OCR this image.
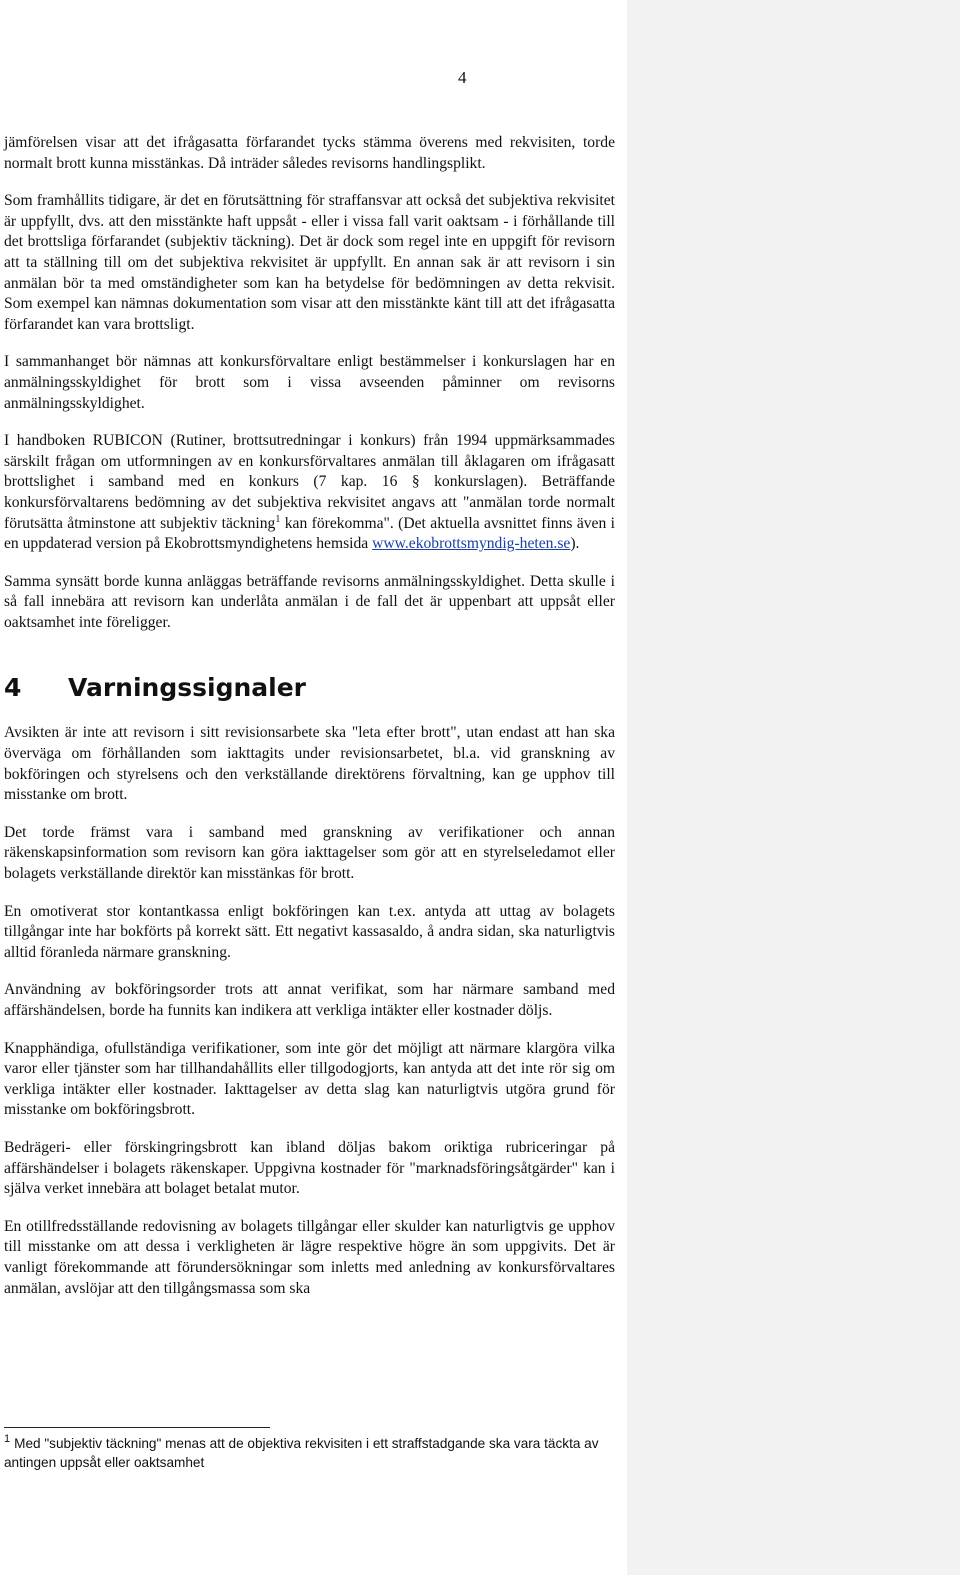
4

jämförelsen visar att det ifrågasatta förfarandet tycks stämma överens med rekvisiten, torde normalt brott kunna misstänkas. Då inträder således revisorns handlingsplikt.

Som framhållits tidigare, är det en förutsättning för straffansvar att också det subjektiva rekvisitet är uppfyllt, dvs. att den misstänkte haft uppsåt - eller i vissa fall varit oaktsam - i förhållande till det brottsliga förfarandet (subjektiv täckning). Det är dock som regel inte en uppgift för revisorn att ta ställning till om det subjektiva rekvisitet är uppfyllt. En annan sak är att revisorn i sin anmälan bör ta med omständigheter som kan ha betydelse för bedömningen av detta rekvisit. Som exempel kan nämnas dokumentation som visar att den misstänkte känt till att det ifrågasatta förfarandet kan vara brottsligt.

I sammanhanget bör nämnas att konkursförvaltare enligt bestämmelser i konkurslagen har en anmälningsskyldighet för brott som i vissa avseenden påminner om revisorns anmälningsskyldighet.

I handboken RUBICON (Rutiner, brottsutredningar i konkurs) från 1994 uppmärksammades särskilt frågan om utformningen av en konkursförvaltares anmälan till åklagaren om ifrågasatt brottslighet i samband med en konkurs (7 kap. 16 § konkurslagen). Beträffande konkursförvaltarens bedömning av det subjektiva rekvisitet angavs att "anmälan torde normalt förutsätta åtminstone att subjektiv täckning$^1$ kan förekomma". (Det aktuella avsnittet finns även i en uppdaterad version på Ekobrottsmyndighetens hemsida www.ekobrottsmyndig-heten.se).

Samma synsätt borde kunna anläggas beträffande revisorns anmälningsskyldighet. Detta skulle i så fall innebära att revisorn kan underlåta anmälan i de fall det är uppenbart att uppsåt eller oaktsamhet inte föreligger.

4 Varningssignaler

Avsikten är inte att revisorn i sitt revisionsarbete ska "leta efter brott", utan endast att han ska överväga om förhållanden som iakttagits under revisionsarbetet, bl.a. vid granskning av bokföringen och styrelsens och den verkställande direktörens förvaltning, kan ge upphov till misstanke om brott.

Det torde främst vara i samband med granskning av verifikationer och annan räkenskapsinformation som revisorn kan göra iakttagelser som gör att en styrelseledamot eller bolagets verkställande direktör kan misstänkas för brott.

En omotiverat stor kontantkassa enligt bokföringen kan t.ex. antyda att uttag av bolagets tillgångar inte har bokförts på korrekt sätt. Ett negativt kassasaldo, å andra sidan, ska naturligtvis alltid föranleda närmare granskning.

Användning av bokföringsorder trots att annat verifikat, som har närmare samband med affärshändelsen, borde ha funnits kan indikera att verkliga intäkter eller kostnader döljs.

Knapphändiga, ofullständiga verifikationer, som inte gör det möjligt att närmare klargöra vilka varor eller tjänster som har tillhandahållits eller tillgodogjorts, kan antyda att det inte rör sig om verkliga intäkter eller kostnader. Iakttagelser av detta slag kan naturligtvis utgöra grund för misstanke om bokföringsbrott.

Bedrägeri- eller förskingringsbrott kan ibland döljas bakom oriktiga rubriceringar på affärshändelser i bolagets räkenskaper. Uppgivna kostnader för "marknadsföringsåtgärder" kan i själva verket innebära att bolaget betalat mutor.

En otillfredsställande redovisning av bolagets tillgångar eller skulder kan naturligtvis ge upphov till misstanke om att dessa i verkligheten är lägre respektive högre än som uppgivits. Det är vanligt förekommande att förundersökningar som inletts med anledning av konkursförvaltares anmälan, avslöjar att den tillgångsmassa som ska

$^1$ Med "subjektiv täckning" menas att de objektiva rekvisiten i ett straffstadgande ska vara täckta av antingen uppsåt eller oaktsamhet
